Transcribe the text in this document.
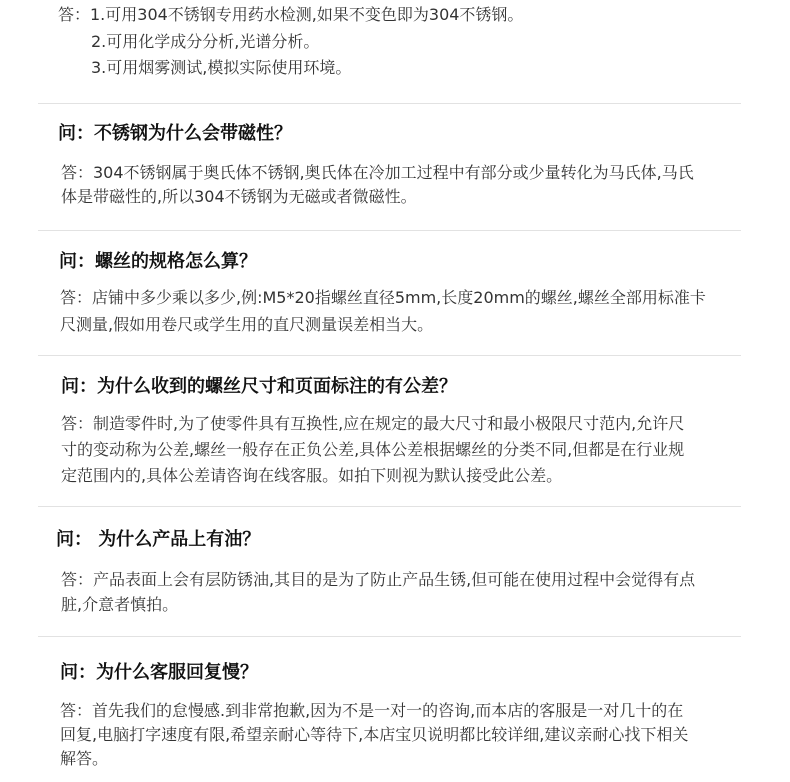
答：1.可用304不锈钢专用药水检测,如果不变色即为304不锈钢。
2.可用化学成分分析,光谱分析。
3.可用烟雾测试,模拟实际使用环境。
问：不锈钢为什么会带磁性？
答：304不锈钢属于奥氏体不锈钢,奥氏体在冷加工过程中有部分或少量转化为马氏体,马氏
体是带磁性的,所以304不锈钢为无磁或者微磁性。
问：螺丝的规格怎么算？
答：店铺中多少乘以多少,例:M5*20指螺丝直径5mm,长度20mm的螺丝,螺丝全部用标准卡
尺测量,假如用卷尺或学生用的直尺测量误差相当大。
问：为什么收到的螺丝尺寸和页面标注的有公差？
答：制造零件时,为了使零件具有互换性,应在规定的最大尺寸和最小极限尺寸范内,允许尺
寸的变动称为公差,螺丝一般存在正负公差,具体公差根据螺丝的分类不同,但都是在行业规
定范围内的,具体公差请咨询在线客服。如拍下则视为默认接受此公差。
问： 为什么产品上有油？
答：产品表面上会有层防锈油,其目的是为了防止产品生锈,但可能在使用过程中会觉得有点
脏,介意者慎拍。
问：为什么客服回复慢？
答：首先我们的怠慢感.到非常抱歉,因为不是一对一的咨询,而本店的客服是一对几十的在
回复,电脑打字速度有限,希望亲耐心等待下,本店宝贝说明都比较详细,建议亲耐心找下相关
解答。
